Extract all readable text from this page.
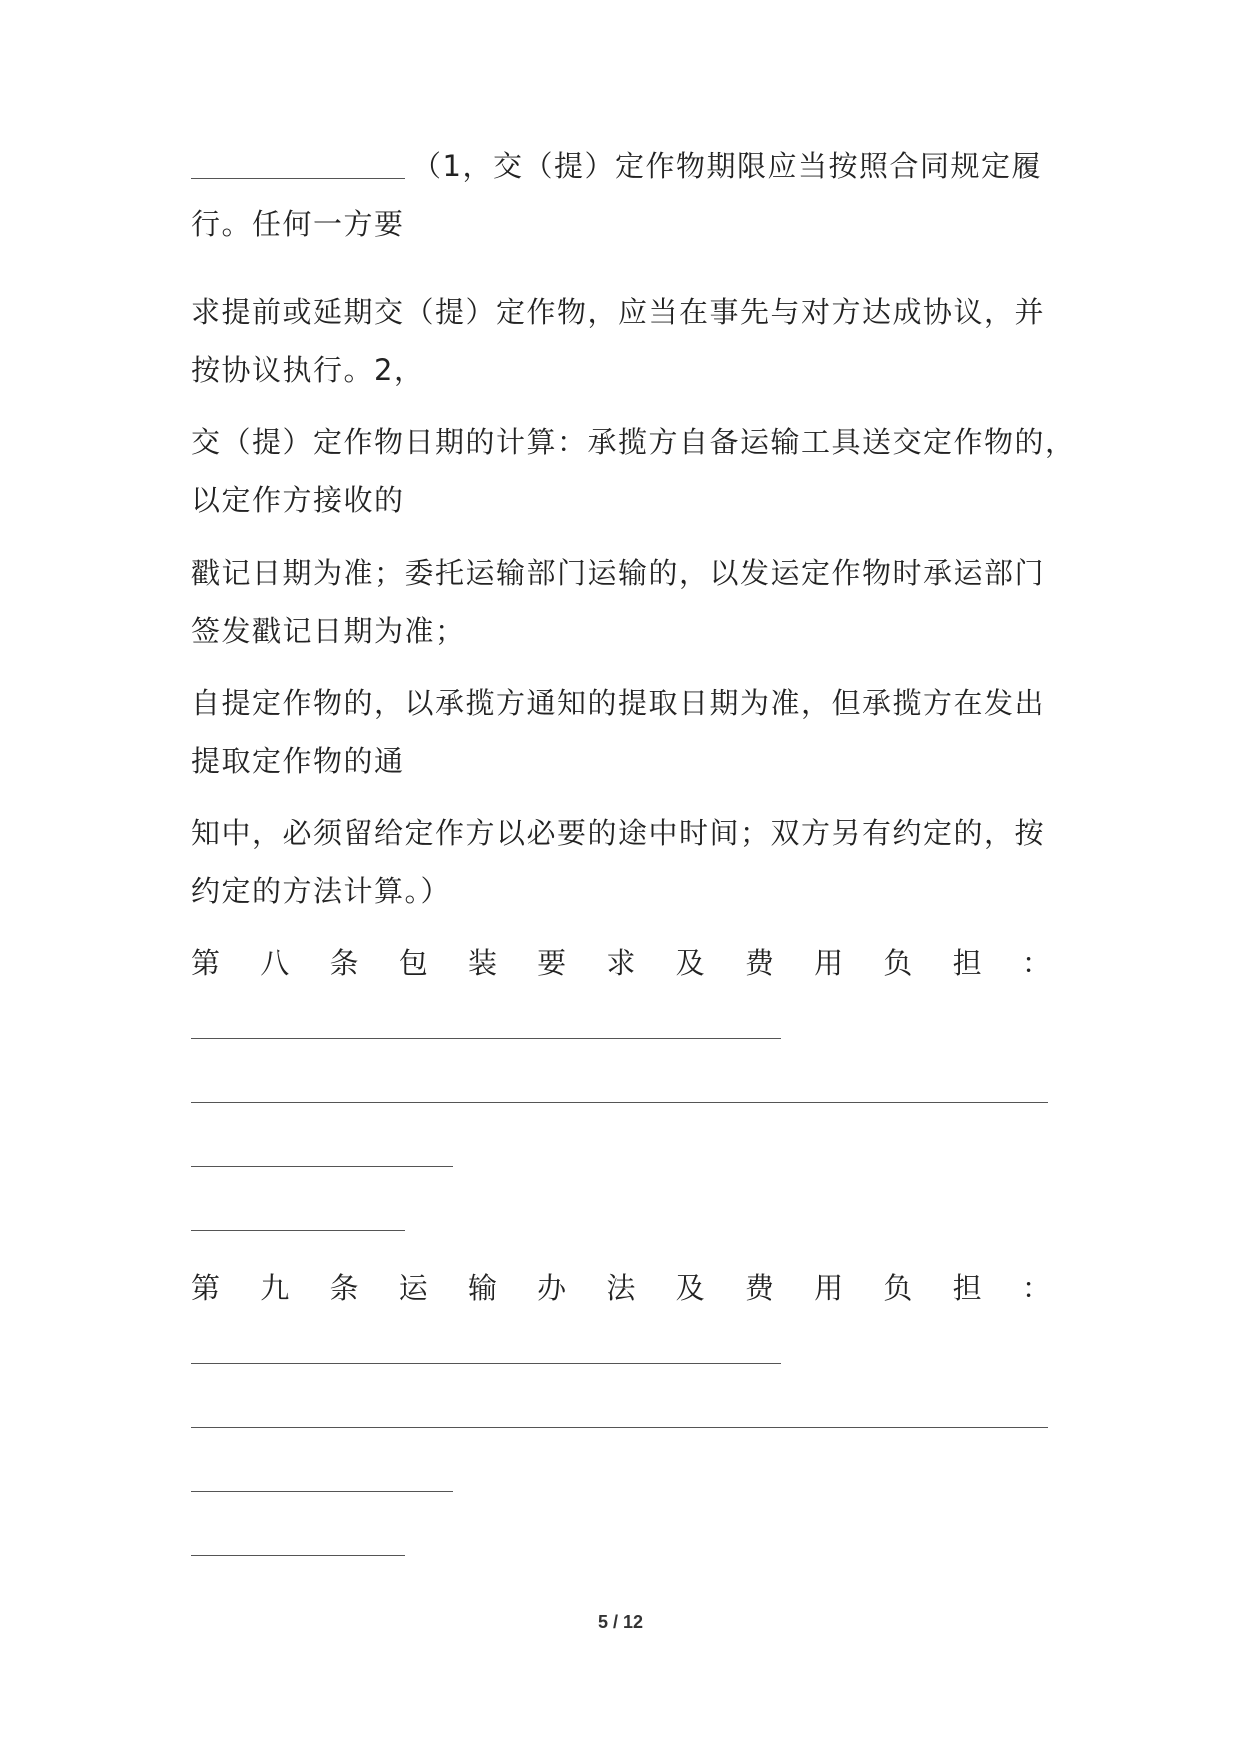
（1，交（提）定作物期限应当按照合同规定履
行。任何一方要
求提前或延期交（提）定作物，应当在事先与对方达成协议，并
按协议执行。2，
交（提）定作物日期的计算：承揽方自备运输工具送交定作物的，
以定作方接收的
戳记日期为准；委托运输部门运输的，以发运定作物时承运部门
签发戳记日期为准；
自提定作物的，以承揽方通知的提取日期为准，但承揽方在发出
提取定作物的通
知中，必须留给定作方以必要的途中时间；双方另有约定的，按
约定的方法计算。）
第 八 条 包 装 要 求 及 费 用 负 担 ：
第 九 条 运 输 办 法 及 费 用 负 担 ：
5 / 12
